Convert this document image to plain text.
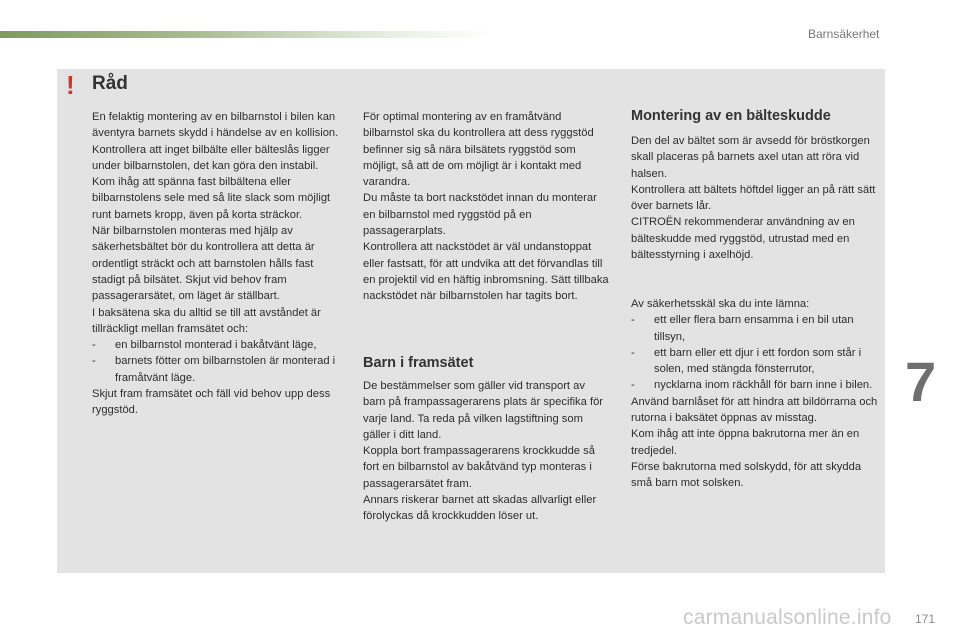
Barnsäkerhet
! Råd

En felaktig montering av en bilbarnstol i bilen kan äventyra barnets skydd i händelse av en kollision.

Kontrollera att inget bilbälte eller bälteslås ligger under bilbarnstolen, det kan göra den instabil.

Kom ihåg att spänna fast bilbältena eller bilbarnstolens sele med så lite slack som möjligt runt barnets kropp, även på korta sträckor.

När bilbarnstolen monteras med hjälp av säkerhetsbältet bör du kontrollera att detta är ordentligt sträckt och att barnstolen hålls fast stadigt på bilsätet. Skjut vid behov fram passagerarsätet, om läget är ställbart.

I baksätena ska du alltid se till att avståndet är tillräckligt mellan framsätet och:

- en bilbarnstol monterad i bakåtvänt läge,
- barnets fötter om bilbarnstolen är monterad i framåtvänt läge.

Skjut fram framsätet och fäll vid behov upp dess ryggstöd.

För optimal montering av en framåtvänd bilbarnstol ska du kontrollera att dess ryggstöd befinner sig så nära bilsätets ryggstöd som möjligt, så att de om möjligt är i kontakt med varandra.

Du måste ta bort nackstödet innan du monterar en bilbarnstol med ryggstöd på en passagerarplats.

Kontrollera att nackstödet är väl undanstoppat eller fastsatt, för att undvika att det förvandlas till en projektil vid en häftig inbromsning. Sätt tillbaka nackstödet när bilbarnstolen har tagits bort.

Barn i framsätet

De bestämmelser som gäller vid transport av barn på frampassagerarens plats är specifika för varje land. Ta reda på vilken lagstiftning som gäller i ditt land.

Koppla bort frampassagerarens krockkudde så fort en bilbarnstol av bakåtvänd typ monteras i passagerarsätet fram.

Annars riskerar barnet att skadas allvarligt eller förolyckas då krockkudden löser ut.

Montering av en bälteskudde

Den del av bältet som är avsedd för bröstkorgen skall placeras på barnets axel utan att röra vid halsen.

Kontrollera att bältets höftdel ligger an på rätt sätt över barnets lår.

CITROËN rekommenderar användning av en bälteskudde med ryggstöd, utrustad med en bältesstyrning i axelhöjd.

Av säkerhetsskäl ska du inte lämna:

- ett eller flera barn ensamma i en bil utan tillsyn,
- ett barn eller ett djur i ett fordon som står i solen, med stängda fönsterrutor,
- nycklarna inom räckhåll för barn inne i bilen.

Använd barnlåset för att hindra att bildörrarna och rutorna i baksätet öppnas av misstag.

Kom ihåg att inte öppna bakrutorna mer än en tredjedel.

Förse bakrutorna med solskydd, för att skydda små barn mot solsken.

7
carmanualsonline.info 171
